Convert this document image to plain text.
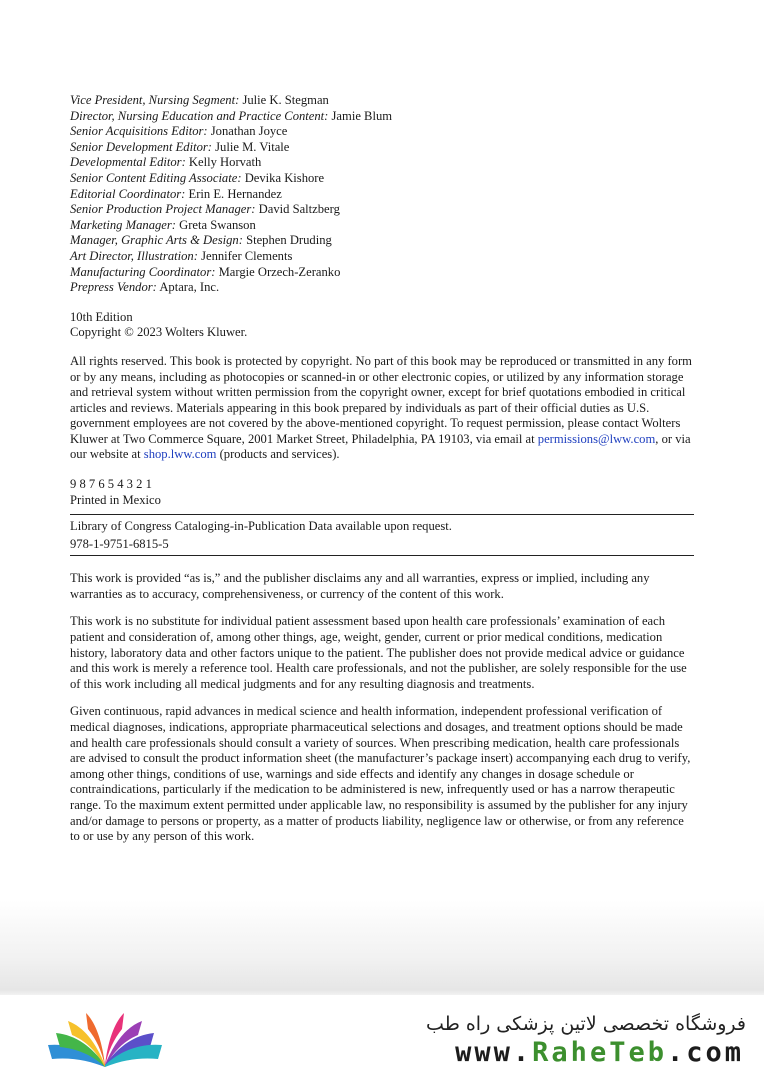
Vice President, Nursing Segment: Julie K. Stegman
Director, Nursing Education and Practice Content: Jamie Blum
Senior Acquisitions Editor: Jonathan Joyce
Senior Development Editor: Julie M. Vitale
Developmental Editor: Kelly Horvath
Senior Content Editing Associate: Devika Kishore
Editorial Coordinator: Erin E. Hernandez
Senior Production Project Manager: David Saltzberg
Marketing Manager: Greta Swanson
Manager, Graphic Arts & Design: Stephen Druding
Art Director, Illustration: Jennifer Clements
Manufacturing Coordinator: Margie Orzech-Zeranko
Prepress Vendor: Aptara, Inc.
10th Edition
Copyright © 2023 Wolters Kluwer.

All rights reserved. This book is protected by copyright. No part of this book may be reproduced or transmitted in any form or by any means, including as photocopies or scanned-in or other electronic copies, or utilized by any information storage and retrieval system without written permission from the copyright owner, except for brief quotations embodied in critical articles and reviews. Materials appearing in this book prepared by individuals as part of their official duties as U.S. government employees are not covered by the above-mentioned copyright. To request permission, please contact Wolters Kluwer at Two Commerce Square, 2001 Market Street, Philadelphia, PA 19103, via email at permissions@lww.com, or via our website at shop.lww.com (products and services).

9 8 7 6 5 4 3 2 1
Printed in Mexico
Library of Congress Cataloging-in-Publication Data available upon request.
978-1-9751-6815-5

This work is provided “as is,” and the publisher disclaims any and all warranties, express or implied, including any warranties as to accuracy, comprehensiveness, or currency of the content of this work.

This work is no substitute for individual patient assessment based upon health care professionals’ examination of each patient and consideration of, among other things, age, weight, gender, current or prior medical conditions, medication history, laboratory data and other factors unique to the patient. The publisher does not provide medical advice or guidance and this work is merely a reference tool. Health care professionals, and not the publisher, are solely responsible for the use of this work including all medical judgments and for any resulting diagnosis and treatments.

Given continuous, rapid advances in medical science and health information, independent professional verification of medical diagnoses, indications, appropriate pharmaceutical selections and dosages, and treatment options should be made and health care professionals should consult a variety of sources. When prescribing medication, health care professionals are advised to consult the product information sheet (the manufacturer’s package insert) accompanying each drug to verify, among other things, conditions of use, warnings and side effects and identify any changes in dosage schedule or contraindications, particularly if the medication to be administered is new, infrequently used or has a narrow therapeutic range. To the maximum extent permitted under applicable law, no responsibility is assumed by the publisher for any injury and/or damage to persons or property, as a matter of products liability, negligence law or otherwise, or from any reference to or use by any person of this work.

فروشگاه تخصصی لاتین پزشکی راه طب
www.RaheTeb.com
